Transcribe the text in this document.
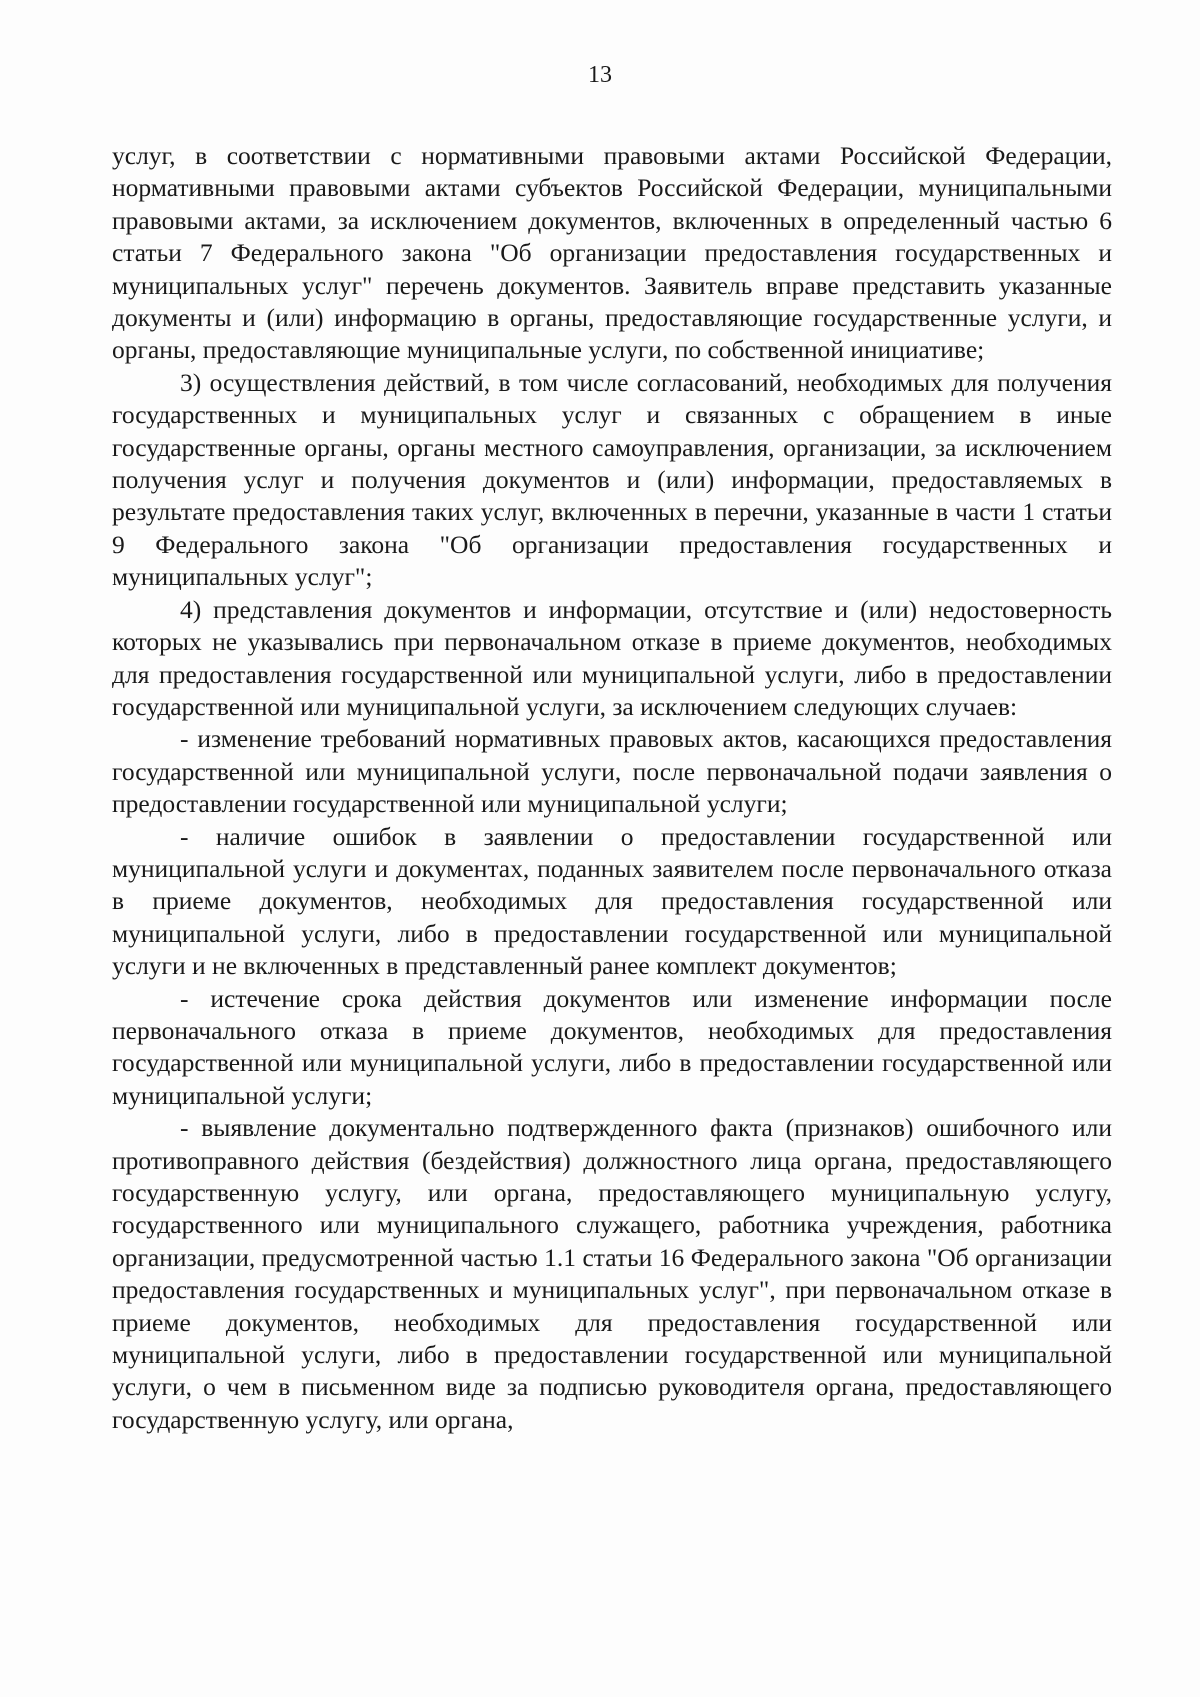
13

услуг, в соответствии с нормативными правовыми актами Российской Федерации, нормативными правовыми актами субъектов Российской Федерации, муниципальными правовыми актами, за исключением документов, включенных в определенный частью 6 статьи 7 Федерального закона "Об организации предоставления государственных и муниципальных услуг" перечень документов. Заявитель вправе представить указанные документы и (или) информацию в органы, предоставляющие государственные услуги, и органы, предоставляющие муниципальные услуги, по собственной инициативе;

3) осуществления действий, в том числе согласований, необходимых для получения государственных и муниципальных услуг и связанных с обращением в иные государственные органы, органы местного самоуправления, организации, за исключением получения услуг и получения документов и (или) информации, предоставляемых в результате предоставления таких услуг, включенных в перечни, указанные в части 1 статьи 9 Федерального закона "Об организации предоставления государственных и муниципальных услуг";

4) представления документов и информации, отсутствие и (или) недостоверность которых не указывались при первоначальном отказе в приеме документов, необходимых для предоставления государственной или муниципальной услуги, либо в предоставлении государственной или муниципальной услуги, за исключением следующих случаев:

- изменение требований нормативных правовых актов, касающихся предоставления государственной или муниципальной услуги, после первоначальной подачи заявления о предоставлении государственной или муниципальной услуги;

- наличие ошибок в заявлении о предоставлении государственной или муниципальной услуги и документах, поданных заявителем после первоначального отказа в приеме документов, необходимых для предоставления государственной или муниципальной услуги, либо в предоставлении государственной или муниципальной услуги и не включенных в представленный ранее комплект документов;

- истечение срока действия документов или изменение информации после первоначального отказа в приеме документов, необходимых для предоставления государственной или муниципальной услуги, либо в предоставлении государственной или муниципальной услуги;

- выявление документально подтвержденного факта (признаков) ошибочного или противоправного действия (бездействия) должностного лица органа, предоставляющего государственную услугу, или органа, предоставляющего муниципальную услугу, государственного или муниципального служащего, работника учреждения, работника организации, предусмотренной частью 1.1 статьи 16 Федерального закона "Об организации предоставления государственных и муниципальных услуг", при первоначальном отказе в приеме документов, необходимых для предоставления государственной или муниципальной услуги, либо в предоставлении государственной или муниципальной услуги, о чем в письменном виде за подписью руководителя органа, предоставляющего государственную услугу, или органа,
